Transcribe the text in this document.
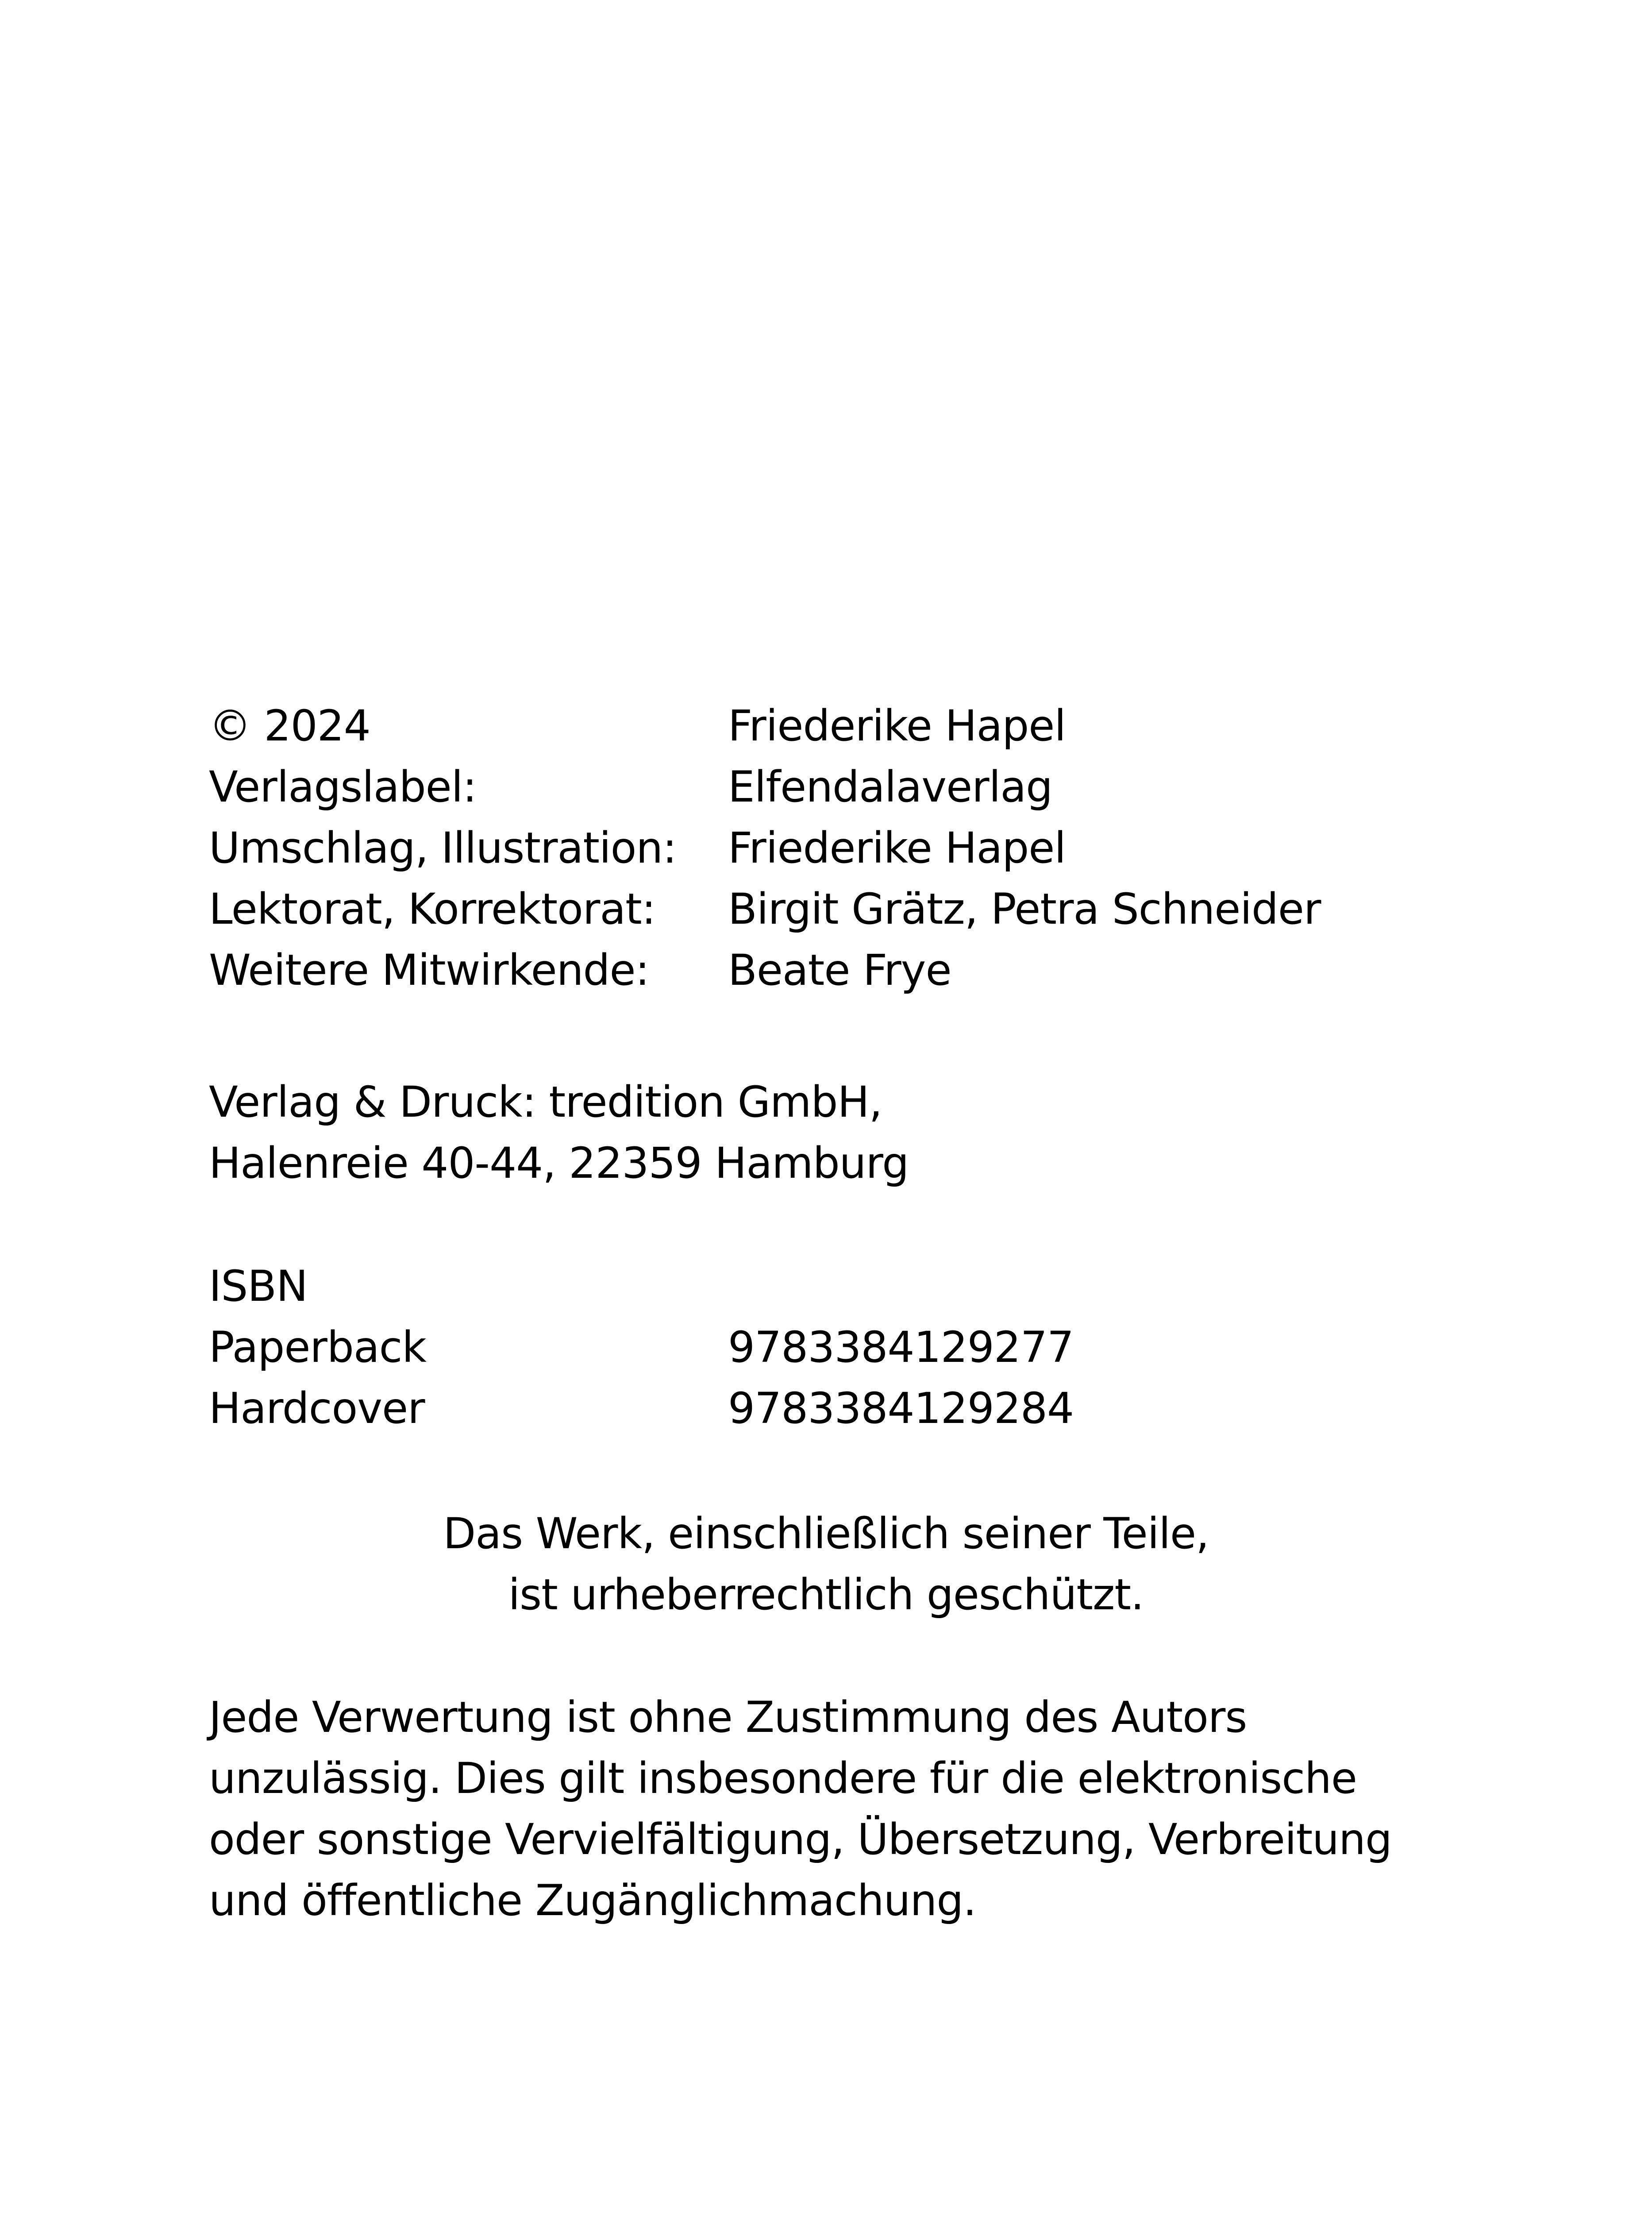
© 2024	Friederike Hapel
Verlagslabel:	Elfendalaverlag
Umschlag, Illustration: Friederike Hapel
Lektorat, Korrektorat: Birgit Grätz, Petra Schneider
Weitere Mitwirkende: Beate Frye
Verlag & Druck: tredition GmbH,
Halenreie 40-44, 22359 Hamburg
ISBN
Paperback	9783384129277
Hardcover	9783384129284
Das Werk, einschließlich seiner Teile,
ist urheberrechtlich geschützt.
Jede Verwertung ist ohne Zustimmung des Autors
unzulässig. Dies gilt insbesondere für die elektronische
oder sonstige Vervielfältigung, Übersetzung, Verbreitung
und öffentliche Zugänglichmachung.
